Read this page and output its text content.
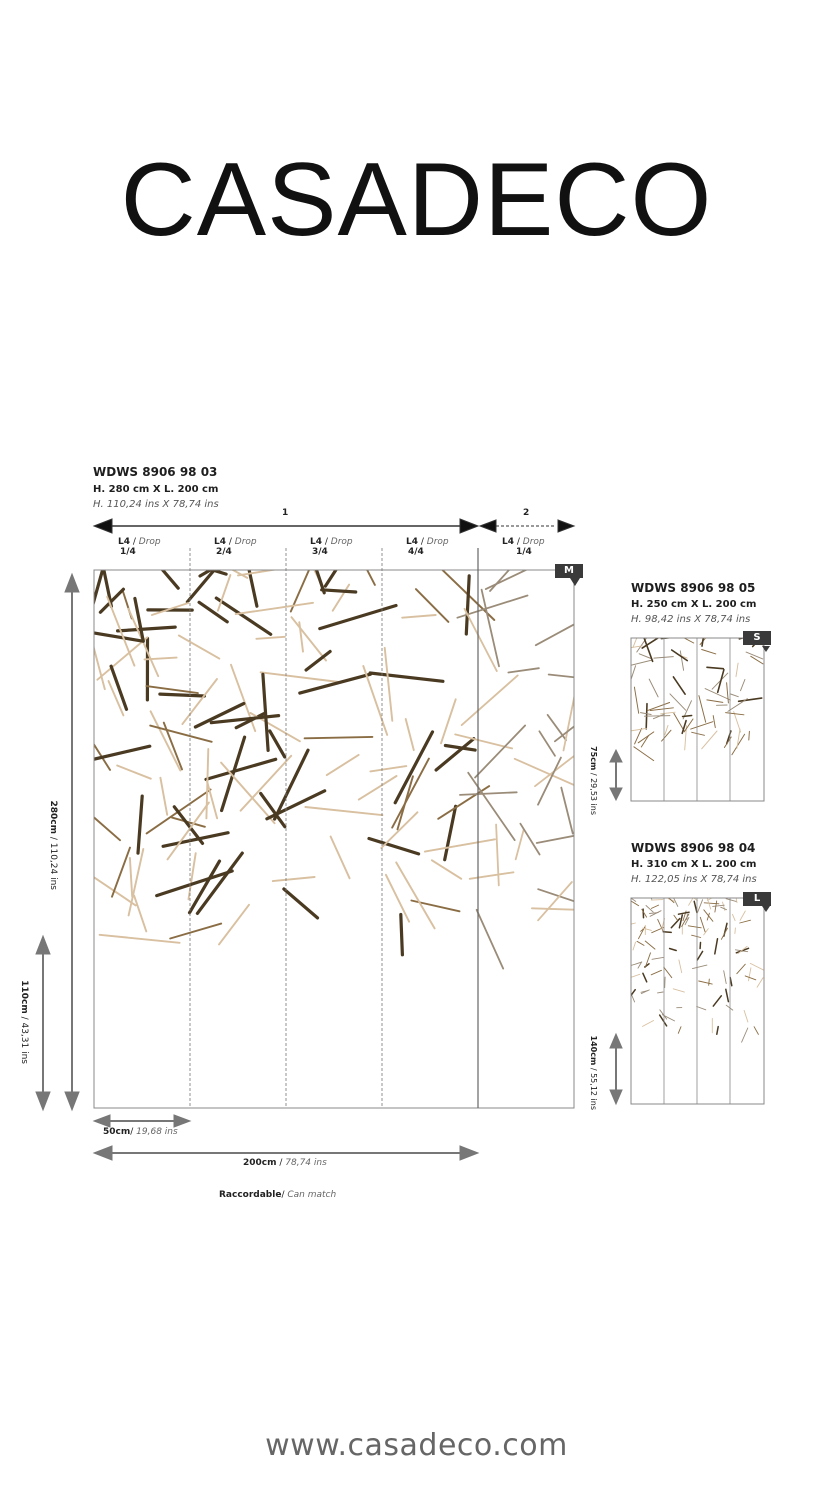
CASADECO
WDWS 8906 98 03
H. 280 cm X L. 200 cm
H. 110,24 ins X 78,74 ins
1	2
L4 / Drop
1/4
L4 / Drop
2/4
L4 / Drop
3/4
L4 / Drop
4/4
L4 / Drop
1/4
M
280cm / 110,24 ins
110cm / 43,31 ins
50cm/ 19,68 ins
200cm / 78,74 ins
Raccordable/ Can match
WDWS 8906 98 05
H. 250 cm X L. 200 cm
H. 98,42 ins X 78,74 ins
S
75cm / 29,53 ins
WDWS 8906 98 04
H. 310 cm X L. 200 cm
H. 122,05 ins X 78,74 ins
L
140cm / 55,12 ins
www.casadeco.com
